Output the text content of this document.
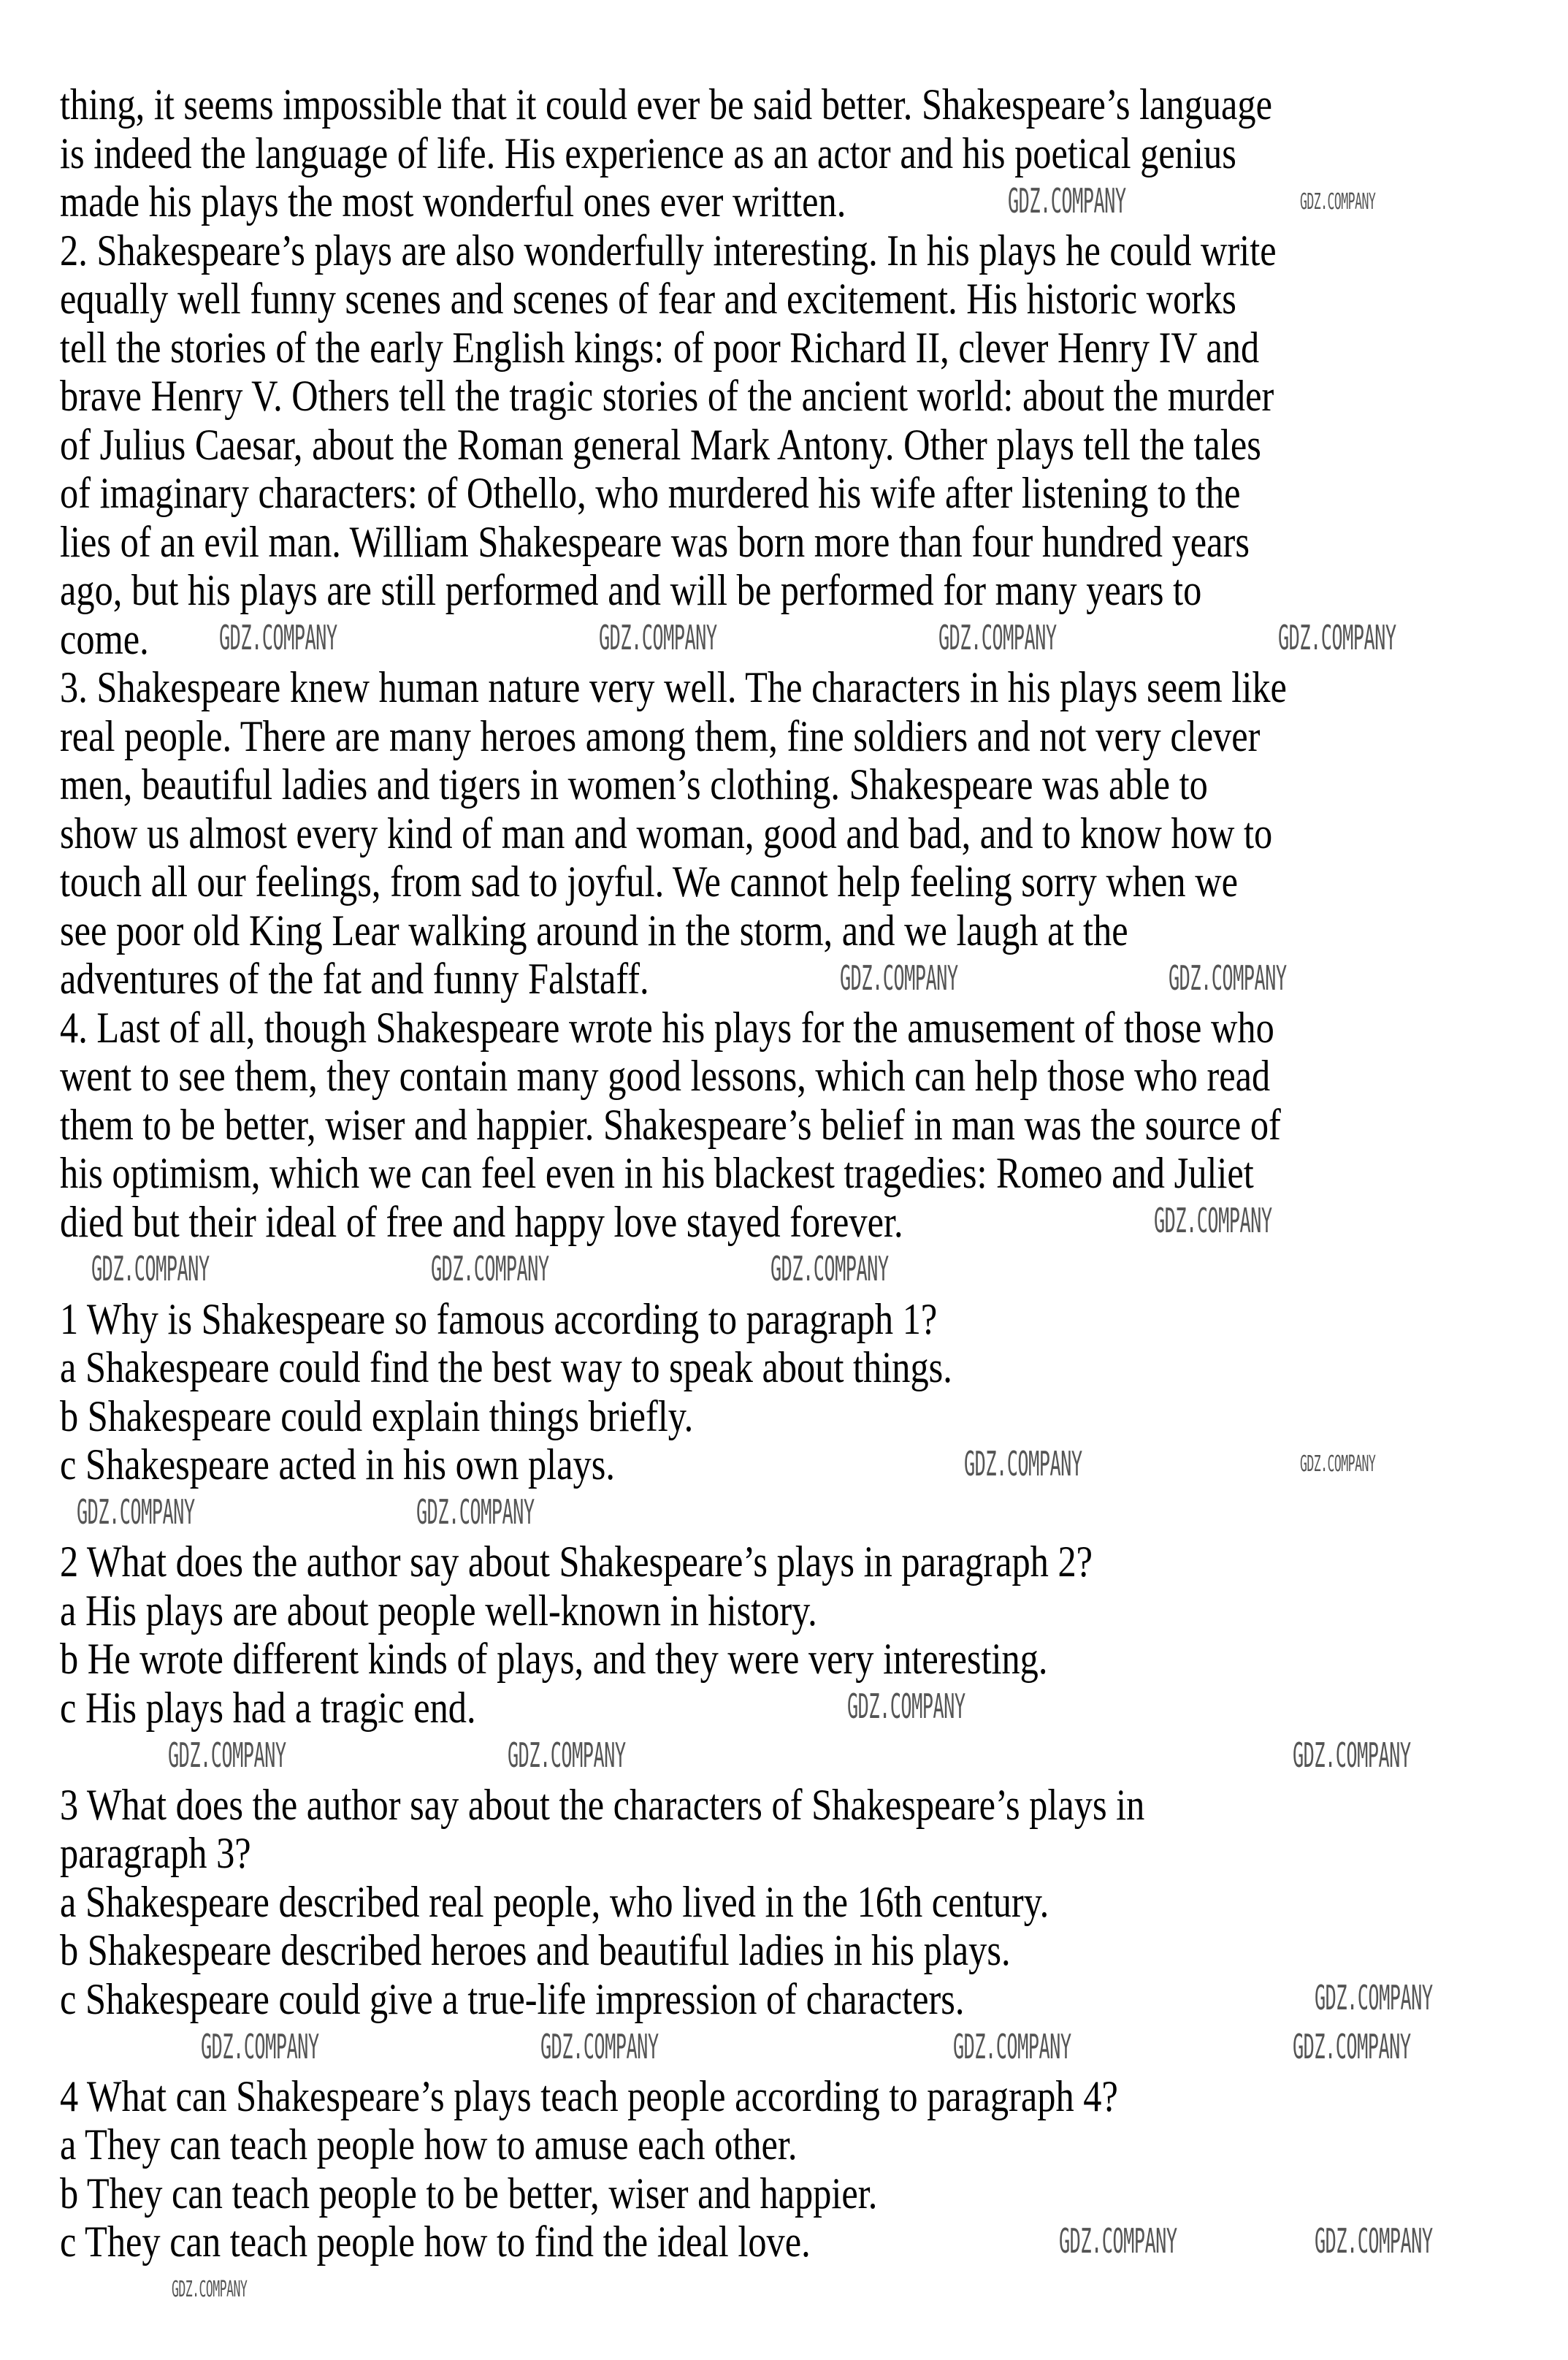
thing, it seems impossible that it could ever be said better. Shakespeare’s language
is indeed the language of life. His experience as an actor and his poetical genius
made his plays the most wonderful ones ever written.
2. Shakespeare’s plays are also wonderfully interesting. In his plays he could write
equally well funny scenes and scenes of fear and excitement. His historic works
tell the stories of the early English kings: of poor Richard II, clever Henry IV and
brave Henry V. Others tell the tragic stories of the ancient world: about the murder
of Julius Caesar, about the Roman general Mark Antony. Other plays tell the tales
of imaginary characters: of Othello, who murdered his wife after listening to the
lies of an evil man. William Shakespeare was born more than four hundred years
ago, but his plays are still performed and will be performed for many years to
come.
3. Shakespeare knew human nature very well. The characters in his plays seem like
real people. There are many heroes among them, fine soldiers and not very clever
men, beautiful ladies and tigers in women’s clothing. Shakespeare was able to
show us almost every kind of man and woman, good and bad, and to know how to
touch all our feelings, from sad to joyful. We cannot help feeling sorry when we
see poor old King Lear walking around in the storm, and we laugh at the
adventures of the fat and funny Falstaff.
4. Last of all, though Shakespeare wrote his plays for the amusement of those who
went to see them, they contain many good lessons, which can help those who read
them to be better, wiser and happier. Shakespeare’s belief in man was the source of
his optimism, which we can feel even in his blackest tragedies: Romeo and Juliet
died but their ideal of free and happy love stayed forever.
1 Why is Shakespeare so famous according to paragraph 1?
a Shakespeare could find the best way to speak about things.
b Shakespeare could explain things briefly.
c Shakespeare acted in his own plays.
2 What does the author say about Shakespeare’s plays in paragraph 2?
a His plays are about people well-known in history.
b He wrote different kinds of plays, and they were very interesting.
c His plays had a tragic end.
3 What does the author say about the characters of Shakespeare’s plays in
paragraph 3?
a Shakespeare described real people, who lived in the 16th century.
b Shakespeare described heroes and beautiful ladies in his plays.
c Shakespeare could give a true-life impression of characters.
4 What can Shakespeare’s plays teach people according to paragraph 4?
a They can teach people how to amuse each other.
b They can teach people to be better, wiser and happier.
c They can teach people how to find the ideal love.
GDZ.COMPANY	GDZ.COMPANY
GDZ.COMPANY	GDZ.COMPANY	GDZ.COMPANY	GDZ.COMPANY
GDZ.COMPANY	GDZ.COMPANY
GDZ.COMPANY
GDZ.COMPANY	GDZ.COMPANY	GDZ.COMPANY
GDZ.COMPANY	GDZ.COMPANY
GDZ.COMPANY	GDZ.COMPANY
GDZ.COMPANY
GDZ.COMPANY	GDZ.COMPANY	GDZ.COMPANY
GDZ.COMPANY
GDZ.COMPANY	GDZ.COMPANY	GDZ.COMPANY	GDZ.COMPANY
GDZ.COMPANY	GDZ.COMPANY
GDZ.COMPANY
